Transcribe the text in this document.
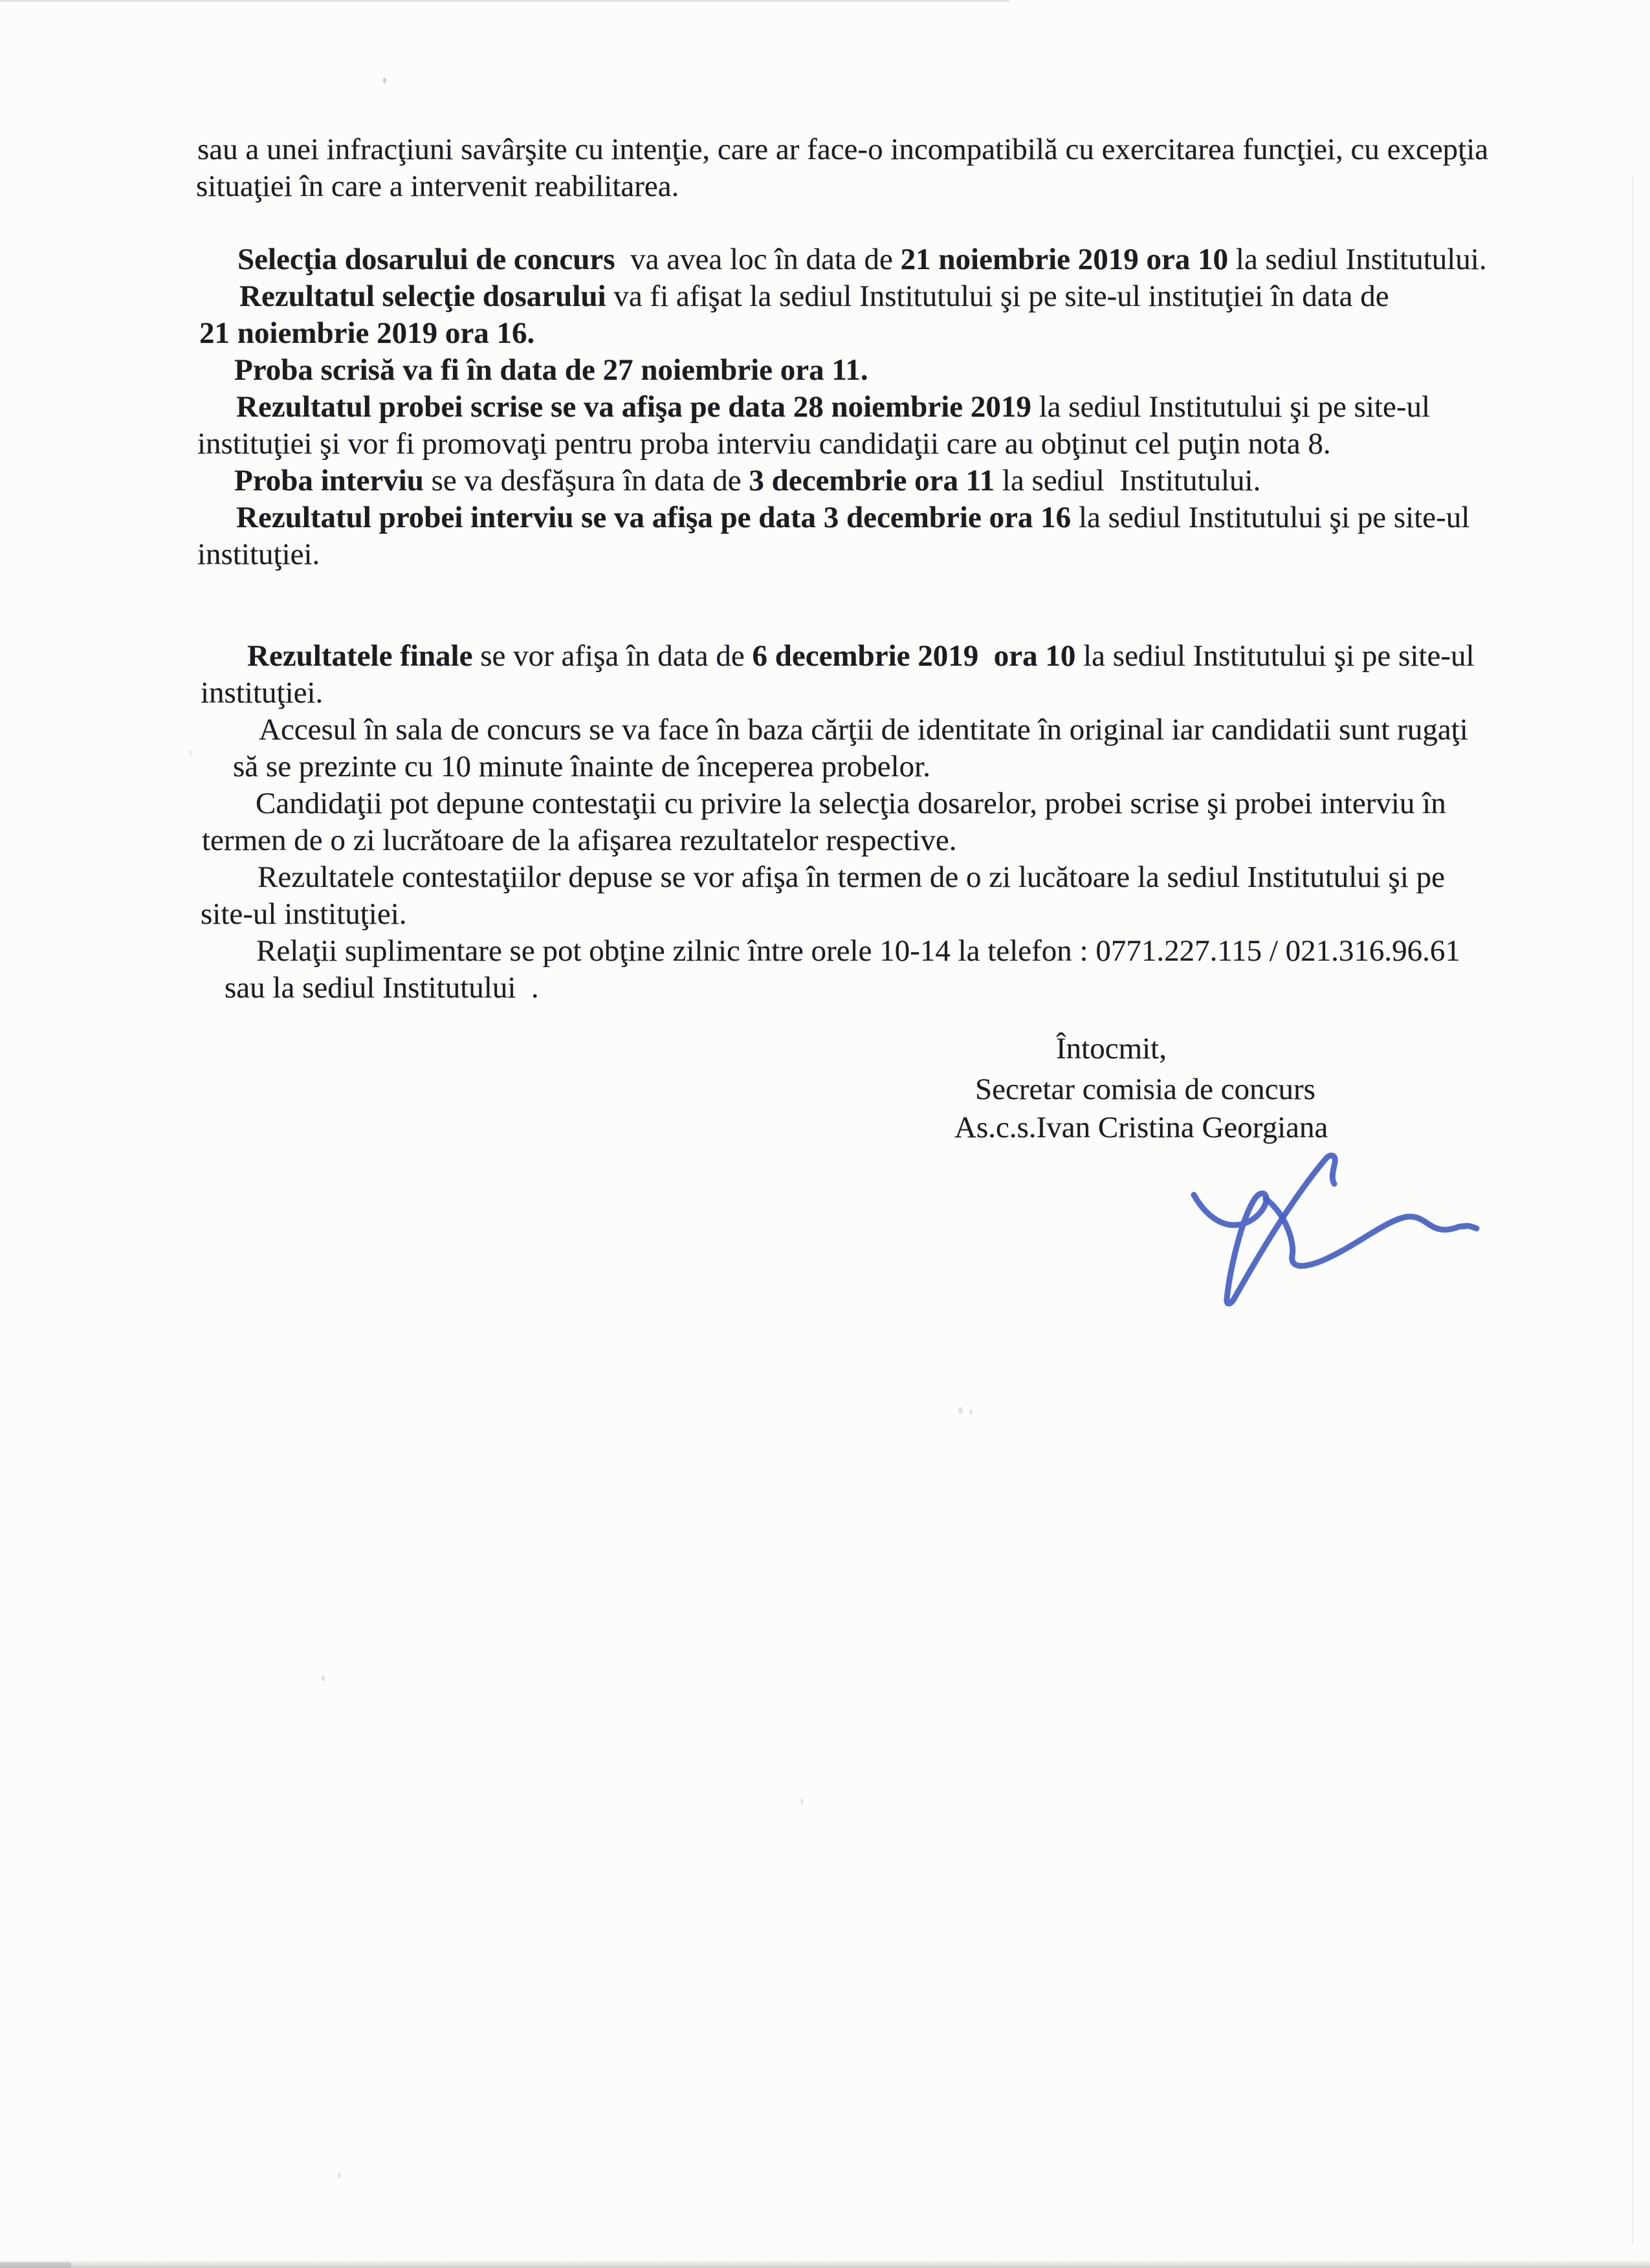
sau a unei infracţiuni savârşite cu intenţie, care ar face-o incompatibilă cu exercitarea funcţiei, cu excepţia
situaţiei în care a intervenit reabilitarea.
Selecţia dosarului de concurs  va avea loc în data de 21 noiembrie 2019 ora 10 la sediul Institutului.
Rezultatul selecţie dosarului va fi afişat la sediul Institutului şi pe site-ul instituţiei în data de
21 noiembrie 2019 ora 16.
Proba scrisă va fi în data de 27 noiembrie ora 11.
Rezultatul probei scrise se va afişa pe data 28 noiembrie 2019 la sediul Institutului şi pe site-ul
instituţiei şi vor fi promovaţi pentru proba interviu candidaţii care au obţinut cel puţin nota 8.
Proba interviu se va desfăşura în data de 3 decembrie ora 11 la sediul  Institutului.
Rezultatul probei interviu se va afişa pe data 3 decembrie ora 16 la sediul Institutului şi pe site-ul
instituţiei.
Rezultatele finale se vor afişa în data de 6 decembrie 2019  ora 10 la sediul Institutului şi pe site-ul
instituţiei.
Accesul în sala de concurs se va face în baza cărţii de identitate în original iar candidatii sunt rugaţi
să se prezinte cu 10 minute înainte de începerea probelor.
Candidaţii pot depune contestaţii cu privire la selecţia dosarelor, probei scrise şi probei interviu în
termen de o zi lucrătoare de la afişarea rezultatelor respective.
Rezultatele contestaţiilor depuse se vor afişa în termen de o zi lucătoare la sediul Institutului şi pe
site-ul instituţiei.
Relaţii suplimentare se pot obţine zilnic între orele 10-14 la telefon : 0771.227.115 / 021.316.96.61
sau la sediul Institutului  .
Întocmit,
Secretar comisia de concurs
As.c.s.Ivan Cristina Georgiana
